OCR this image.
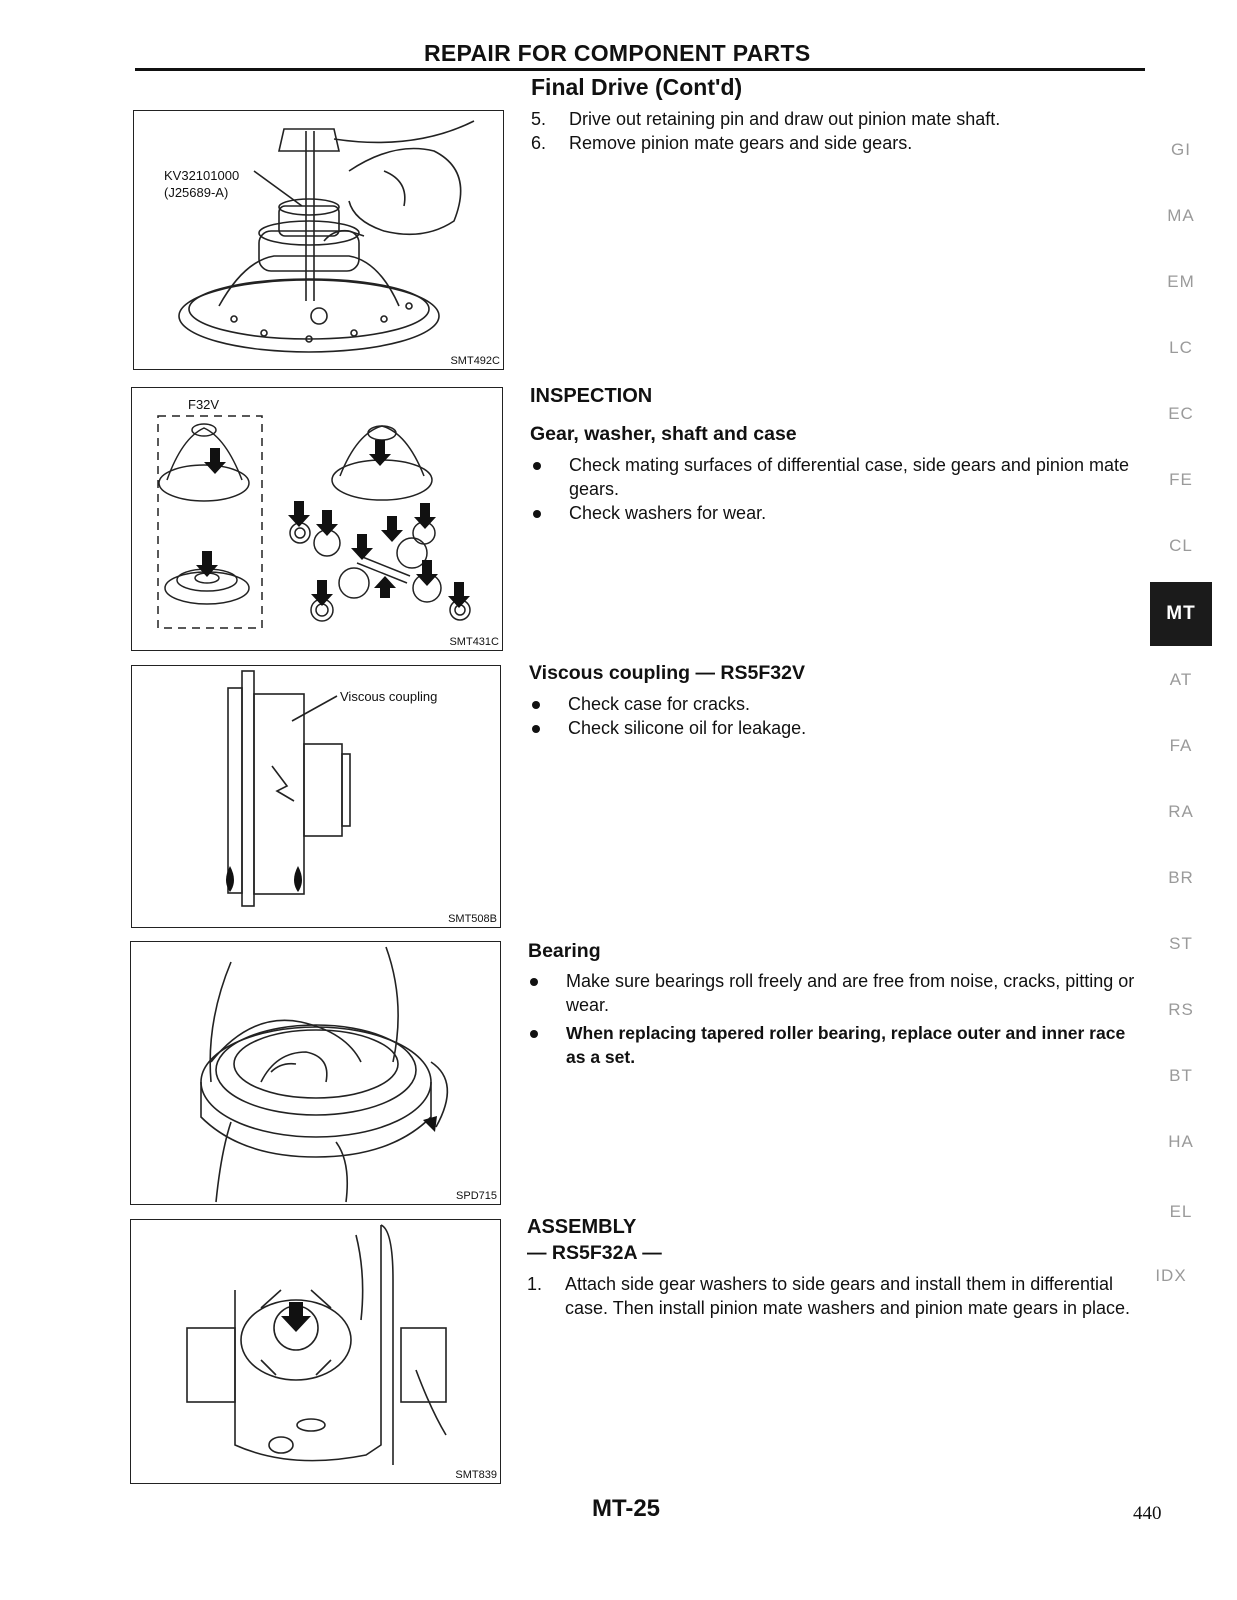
REPAIR FOR COMPONENT PARTS
Final Drive (Cont'd)
KV32101000
(J25689-A)
SMT492C
F32V
SMT431C
Viscous coupling
SMT508B
SPD715
SMT839
5. Drive out retaining pin and draw out pinion mate shaft.
6. Remove pinion mate gears and side gears.
INSPECTION
Gear, washer, shaft and case
Check mating surfaces of differential case, side gears and pinion mate gears.
Check washers for wear.
Viscous coupling — RS5F32V
Check case for cracks.
Check silicone oil for leakage.
Bearing
Make sure bearings roll freely and are free from noise, cracks, pitting or wear.
When replacing tapered roller bearing, replace outer and inner race as a set.
ASSEMBLY
— RS5F32A —
1. Attach side gear washers to side gears and install them in differential case. Then install pinion mate washers and pinion mate gears in place.
GI
MA
EM
LC
EC
FE
CL
MT
AT
FA
RA
BR
ST
RS
BT
HA
EL
IDX
MT-25	440
